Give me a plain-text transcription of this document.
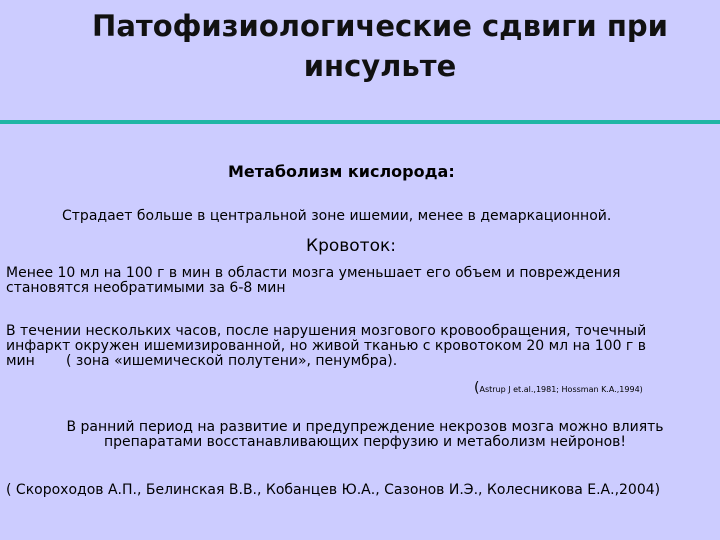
Патофизиологические сдвиги при
инсульте
Метаболизм кислорода:
Страдает больше в центральной зоне ишемии, менее в демаркационной.
Кровоток:
Менее 10 мл на 100 г в мин в области мозга уменьшает его объем и повреждения
становятся необратимыми за 6-8 мин
В течении нескольких часов, после нарушения мозгового кровообращения, точечный
инфаркт окружен ишемизированной, но живой тканью с кровотоком 20 мл на 100 г в
мин       ( зона «ишемической полутени», пенумбра).
(Astrup J et.al.,1981; Hossman K.A.,1994)
В ранний период на развитие и предупреждение некрозов мозга можно влиять
препаратами восстанавливающих перфузию и метаболизм нейронов!
( Скороходов А.П., Белинская В.В., Кобанцев Ю.А., Сазонов И.Э., Колесникова Е.А.,2004)
